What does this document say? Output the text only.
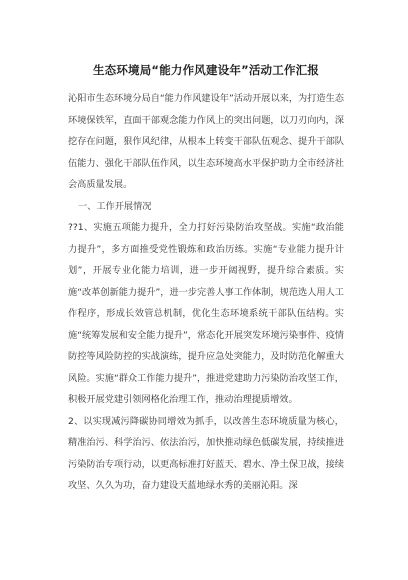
生态环境局“能力作风建设年”活动工作汇报

沁阳市生态环境分局自“能力作风建设年”活动开展以来，为打造生态环境保铁军，直面干部观念能力作风上的突出问题，以刀刃向内，深挖存在问题，狠作风纪律，从根本上转变干部队伍观念、提升干部队伍能力、强化干部队伍作风，以生态环境高水平保护助力全市经济社会高质量发展。

一、工作开展情况

??1、实施五项能力提升，全力打好污染防治攻坚战。实施“政治能力提升”，多方面推受党性锻炼和政治历练。实施“专业能力提升计划”，开展专业化能力培训，进一步开阔视野，提升综合素质。实施“改革创新能力提升”，进一步完善人事工作体制，规范选人用人工作程序，形成长效管总机制，优化生态环境系统干部队伍结构。实施“统筹发展和安全能力提升”，常态化开展突发环境污染事件、疫情防控等风险防控的实战演练，提升应急处突能力，及时防范化解重大风险。实施“群众工作能力提升”，推进党建助力污染防治攻坚工作，积极开展党建引领网格化治理工作，推动治理提质增效。

2、以实现减污降碳协同增效为抓手，以改善生态环境质量为核心，精准治污、科学治污、依法治污，加快推动绿色低碳发展，持续推进污染防治专项行动，以更高标准打好蓝天、碧水、净土保卫战，接续攻坚、久久为功，奋力建设天蓝地绿水秀的美丽沁阳。深
